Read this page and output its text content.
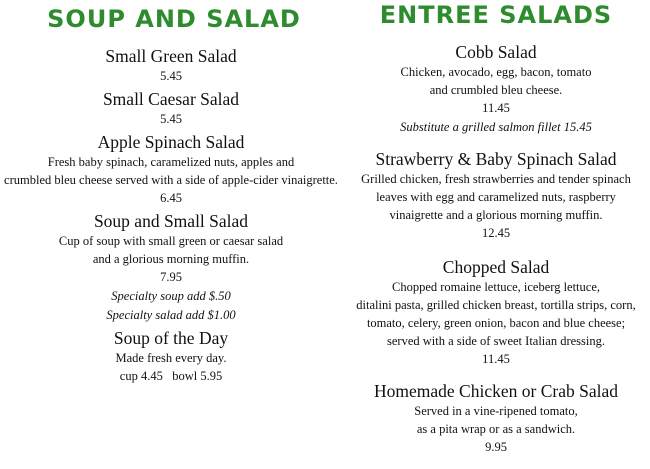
SOUP AND SALAD

Small Green Salad

5.45

Small Caesar Salad

5.45

Apple Spinach Salad

Fresh baby spinach, caramelized nuts, apples and

crumbled bleu cheese served with a side of apple-cider vinaigrette.

6.45

Soup and Small Salad

Cup of soup with small green or caesar salad

and a glorious morning muffin.

7.95

Specialty soup add $.50

Specialty salad add $1.00

Soup of the Day

Made fresh every day.

cup 4.45   bowl 5.95

ENTREE SALADS

Cobb Salad

Chicken, avocado, egg, bacon, tomato

and crumbled bleu cheese.

11.45

Substitute a grilled salmon fillet 15.45

Strawberry & Baby Spinach Salad

Grilled chicken, fresh strawberries and tender spinach

leaves with egg and caramelized nuts, raspberry

vinaigrette and a glorious morning muffin.

12.45

Chopped Salad

Chopped romaine lettuce, iceberg lettuce,

ditalini pasta, grilled chicken breast, tortilla strips, corn,

tomato, celery, green onion, bacon and blue cheese;

served with a side of sweet Italian dressing.

11.45

Homemade Chicken or Crab Salad

Served in a vine-ripened tomato,

as a pita wrap or as a sandwich.

9.95
